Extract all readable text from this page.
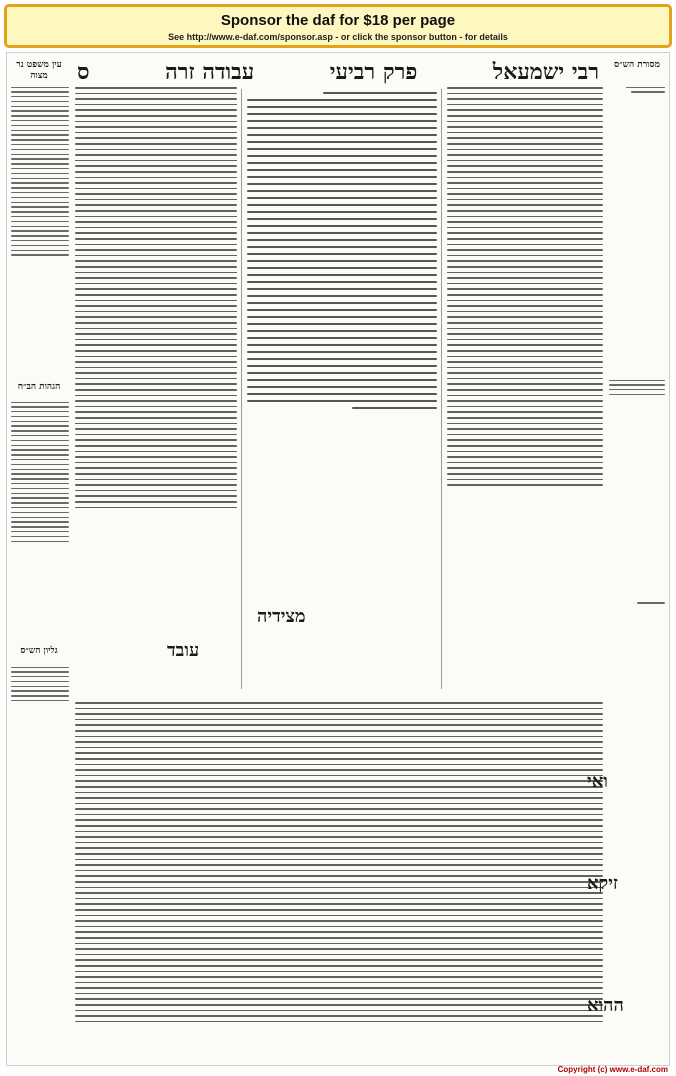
Sponsor the daf for $18 per page
See http://www.e-daf.com/sponsor.asp - or click the sponsor button - for details
רבי ישמעאל
פרק רביעי
עבודה זרה
ס
עין משפט נר מצוה
מסורת הש״ס
הגהות הב״ח
גליון הש״ס
מצידיה
עובד
ואי
זיקא
ההוא
Copyright (c) www.e-daf.com
